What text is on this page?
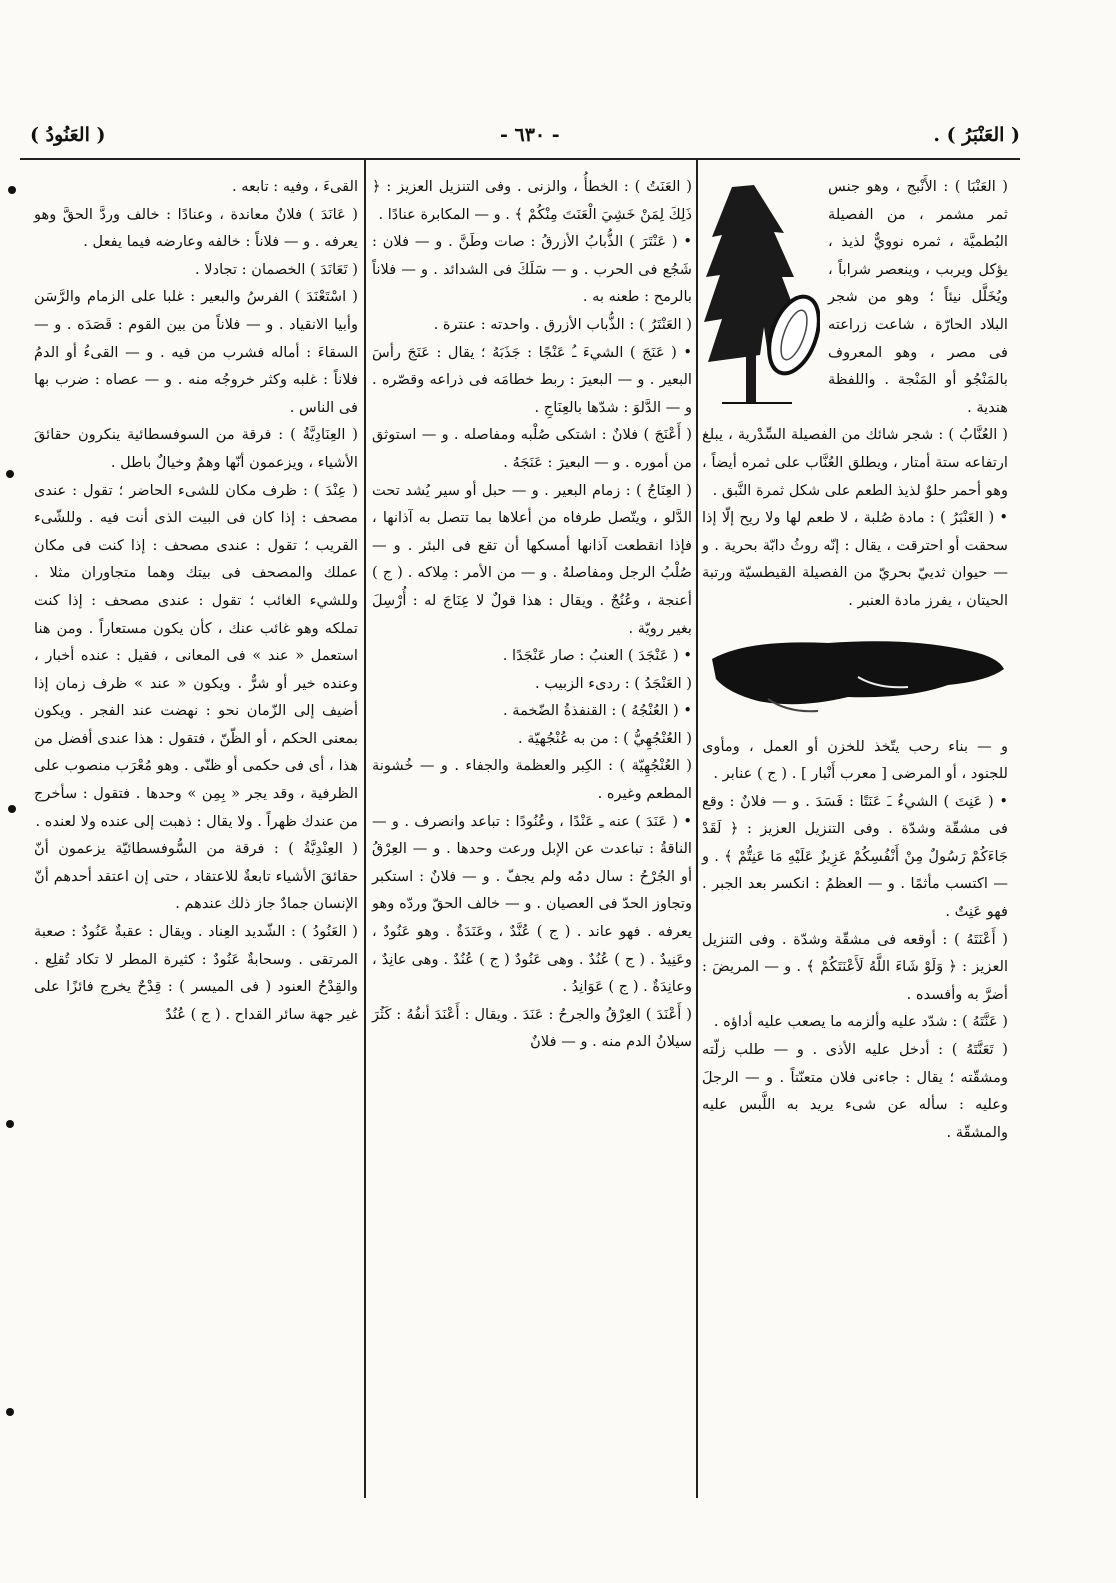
( العَنْبَرُ ) .
- ٦٣٠ -
( العَنُودُ )

( العَنْبَا ) : الأَنْبج ، وهو جنس ثمر مشمر ، من الفصيلة البُطميَّة ، ثمره نوويٌّ لذيذ ، يؤكل ويربب ، وينعصر شراباً ، ويُخَلَّل نيئاً ؛ وهو من شجر البلاد الحارّة ، شاعت زراعته فى مصر ، وهو المعروف بالمَنْجُو أو المَنْجة . واللفظة هندية .

( العُنَّابُ ) : شجر شائك من الفصيلة السِّدْرية ، يبلغ ارتفاعه ستة أمتار ، ويطلق العُنَّاب على ثمره أيضاً ، وهو أحمر حلوٌ لذيذ الطعم على شكل ثمرة النَّبق .

• ( العَنْبَرُ ) : مادة صُلبة ، لا طعم لها ولا ريح إلّا إذا سحقت أو احترقت ، يقال : إنّه روثُ دابّة بحرية . و — حيوان ثدييّ بحريّ من الفصيلة القيطسيّة ورتبة الحيتان ، يفرز مادة العنبر .

و — بناء رحب يتّخذ للخزن أو العمل ، ومأوى للجنود ، أو المرضى [ معرب أَنْبار ] . ( ج ) عنابر .

• ( عَنِتَ ) الشيءُ ـَ عَنَتًا : فَسَدَ . و — فلانٌ : وقع فى مشقّة وشدّة . وفى التنزيل العزيز : ﴿ لَقَدْ جَاءَكُمْ رَسُولٌ مِنْ أَنْفُسِكُمْ عَزِيزٌ عَلَيْهِ مَا عَنِتُّمْ ﴾ . و — اكتسب مأثمًا . و — العظمُ : انكسر بعد الجبر . فهو عَنِتٌ .

( أَعْنَتَهُ ) : أوقعه فى مشقّة وشدّة . وفى التنزيل العزيز : ﴿ وَلَوْ شَاءَ اللَّهُ لَأَعْنَتَكُمْ ﴾ . و — المريضَ : أضرَّ به وأفسده .

( عَنَّتَهُ ) : شدّد عليه وألزمه ما يصعب عليه أداؤه .

( تَعَنَّتَهُ ) : أدخل عليه الأذى . و — طلب زلّته ومشقّته ؛ يقال : جاءنى فلان متعنّتاً . و — الرجلَ وعليه : سأله عن شىء يريد به اللَّبس عليه والمشقّة .

( العَنَتُ ) : الخطأُ ، والزنى . وفى التنزيل العزيز : ﴿ ذَلِكَ لِمَنْ خَشِيَ الْعَنَتَ مِنْكُمْ ﴾ . و — المكابرة عنادًا .

• ( عَنْتَرَ ) الذُّبابُ الأزرقُ : صات وطَنَّ . و — فلان : شَجُع فى الحرب . و — سَلَكَ فى الشدائد . و — فلاناً بالرمح : طعنه به .

( العَنْتَرُ ) : الذُّباب الأزرق . واحدته : عنترة .

• ( عَنَجَ ) الشيءَ ـُ عَنْجًا : جَذَبَهُ ؛ يقال : عَنَجَ رأسَ البعير . و — البعيرَ : ربط خطامَه فى ذراعه وقصّره . و — الدَّلوَ : شدّها بالعِنَاجِ .

( أَعْنَجَ ) فلانٌ : اشتكى صُلْبه ومفاصله . و — استوثق من أموره . و — البعيرَ : عَنَجَهُ .

( العِنَاجُ ) : زمام البعير . و — حبل أو سير يُشد تحت الدَّلو ، ويتّصل طرفاه من أعلاها بما تتصل به آذانها ، فإذا انقطعت آذانها أمسكها أن تقع فى البئر . و — صُلْبُ الرجل ومفاصلهُ . و — من الأمر : مِلاكه . ( ج ) أعنجة ، وعُنُجٌ . ويقال : هذا قولٌ لا عِنَاجَ له : أُرْسِلَ بغير رويّة .

• ( عَنْجَدَ ) العنبُ : صار عَنْجَدًا .

( العَنْجَدُ ) : ردىء الزبيب .

• ( العُنْجُهُ ) : القنفذةُ الضّخمة .

( العُنْجُهِيُّ ) : من به عُنْجُهيّة .

( العُنْجُهِيّة ) : الكِبر والعظمة والجفاء . و — خُشونة المطعم وغيره .

• ( عَنَدَ ) عنه ـِ عَنْدًا ، وعُنُودًا : تباعد وانصرف . و — الناقةُ : تباعدت عن الإبل ورعت وحدها . و — العِرْقُ أو الجُرْحُ : سال دمُه ولم يجفّ . و — فلانٌ : استكبر وتجاوز الحدّ فى العصيان . و — خالف الحقّ وردّه وهو يعرفه . فهو عاند . ( ج ) عُنَّدٌ ، وعَنَدَةٌ . وهو عَنُودٌ ، وعَنِيدٌ . ( ج ) عُنُدٌ . وهى عَنُودٌ ( ج ) عُنُدٌ . وهى عانِدٌ ، وعانِدَةٌ . ( ج ) عَوَانِدُ .

( أَعْنَدَ ) العِرْقُ والجرحُ : عَنَدَ . ويقال : أَعْنَدَ أنفُهُ : كَثُرَ سيلانُ الدم منه . و — فلانٌ

القىءَ ، وفيه : تابعه .

( عَانَدَ ) فلانٌ معاندة ، وعنادًا : خالف وردَّ الحقَّ وهو يعرفه . و — فلاناً : خالفه وعارضه فيما يفعل .

( تَعَانَدَ ) الخصمان : تجادلا .

( اسْتَعْنَدَ ) الفرسُ والبعير : غلبا على الزمام والرَّسَن وأبيا الانقياد . و — فلاناً من بين القوم : قَصَدَه . و — السقاءَ : أماله فشرب من فيه . و — القىءُ أو الدمُ فلاناً : غلبه وكثر خروجُه منه . و — عصاه : ضرب بها فى الناس .

( العِنَادِيَّةُ ) : فرقة من السوفسطائية ينكرون حقائقَ الأشياء ، ويزعمون أنّها وهمٌ وخيالٌ باطل .

( عِنْدَ ) : ظرف مكان للشىء الحاضر ؛ تقول : عندى مصحف : إذا كان فى البيت الذى أنت فيه . وللشّىء القريب ؛ تقول : عندى مصحف : إذا كنت فى مكان عملك والمصحف فى بيتك وهما متجاوران مثلا . وللشيء الغائب ؛ تقول : عندى مصحف : إذا كنت تملكه وهو غائب عنك ، كأن يكون مستعاراً . ومن هنا استعمل « عند » فى المعانى ، فقيل : عنده أخبار ، وعنده خير أو شرٌّ . ويكون « عند » ظرف زمان إذا أضيف إلى الزّمان نحو : نهضت عند الفجر . ويكون بمعنى الحكم ، أو الظّنّ ، فتقول : هذا عندى أفضل من هذا ، أى فى حكمى أو ظنّى . وهو مُعْرَب منصوب على الظرفية ، وقد يجر « بِمِن » وحدها . فتقول : سأخرج من عندك ظهراً . ولا يقال : ذهبت إلى عنده ولا لعنده .

( العِنْدِيَّةُ ) : فرقة من السُّوفسطائيّة يزعمون أنّ حقائقَ الأشياء تابعةٌ للاعتقاد ، حتى إن اعتقد أحدهم أنّ الإنسان جمادٌ جاز ذلك عندهم .

( العَنُودُ ) : الشّديد العِناد . ويقال : عقبةٌ عَنُودٌ : صعبة المرتقى . وسحابةٌ عَنُودٌ : كثيرة المطر لا تكاد تُقلِع . والقِدْحُ العنود ( فى الميسر ) : قِدْحٌ يخرج فائزًا على غير جهة سائر القداح . ( ج ) عُنُدٌ
